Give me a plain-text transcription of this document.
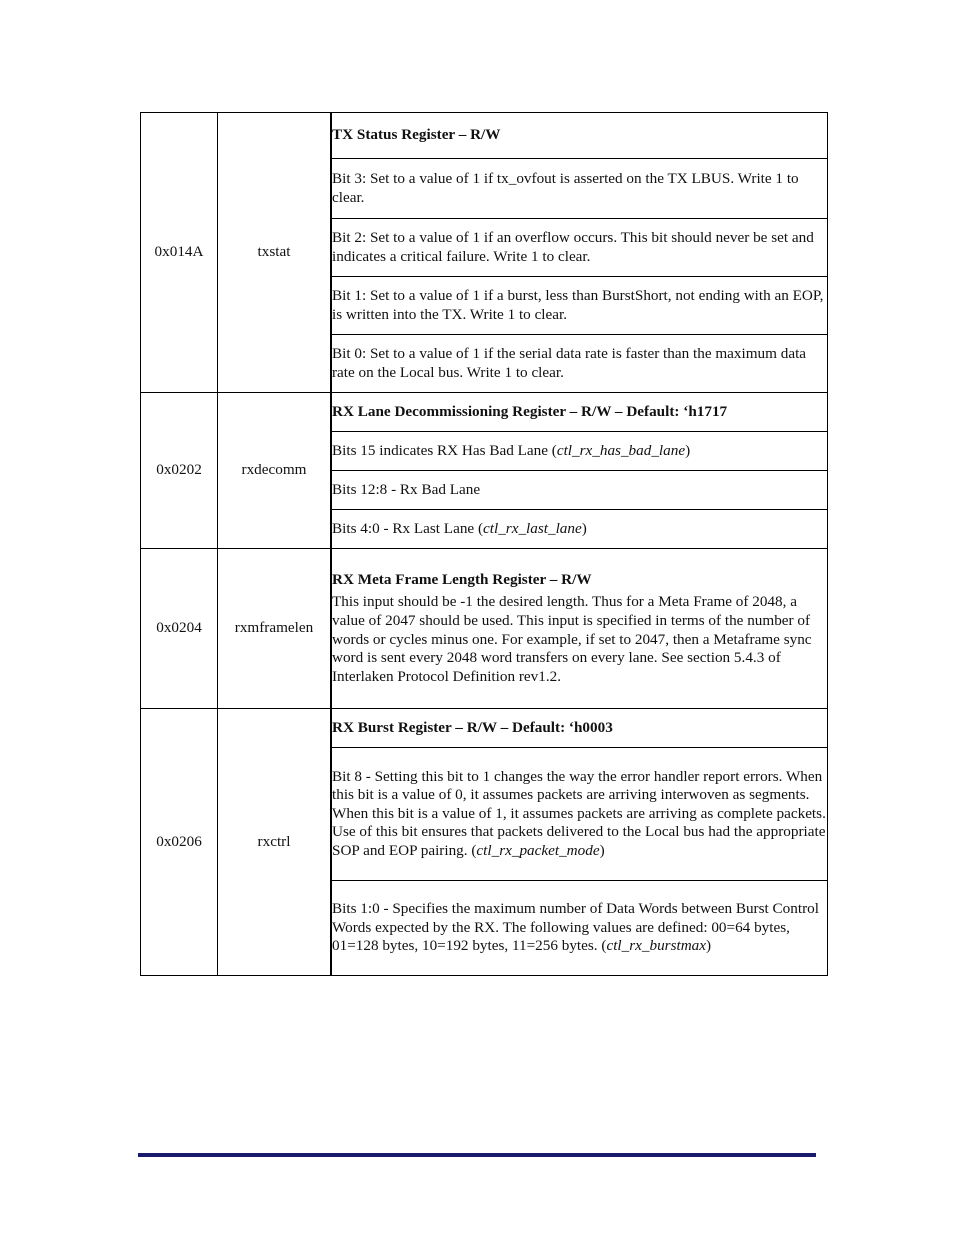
0x014A	txstat	TX Status Register – R/W
		Bit 3: Set to a value of 1 if tx_ovfout is asserted on the TX LBUS. Write 1 to clear.
		Bit 2: Set to a value of 1 if an overflow occurs. This bit should never be set and indicates a critical failure. Write 1 to clear.
		Bit 1: Set to a value of 1 if a burst, less than BurstShort, not ending with an EOP, is written into the TX. Write 1 to clear.
		Bit 0: Set to a value of 1 if the serial data rate is faster than the maximum data rate on the Local bus. Write 1 to clear.
0x0202	rxdecomm	RX Lane Decommissioning Register – R/W – Default: ‘h1717
		Bits 15 indicates RX Has Bad Lane (ctl_rx_has_bad_lane)
		Bits 12:8 - Rx Bad Lane
		Bits 4:0 - Rx Last Lane (ctl_rx_last_lane)
0x0204	rxmframelen	RX Meta Frame Length Register – R/W
This input should be -1 the desired length. Thus for a Meta Frame of 2048, a value of 2047 should be used. This input is specified in terms of the number of words or cycles minus one. For example, if set to 2047, then a Metaframe sync word is sent every 2048 word transfers on every lane. See section 5.4.3 of Interlaken Protocol Definition rev1.2.

0x0206	rxctrl	RX Burst Register – R/W – Default: ‘h0003
		Bit 8 - Setting this bit to 1 changes the way the error handler report errors. When this bit is a value of 0, it assumes packets are arriving interwoven as segments. When this bit is a value of 1, it assumes packets are arriving as complete packets. Use of this bit ensures that packets delivered to the Local bus had the appropriate SOP and EOP pairing. (ctl_rx_packet_mode)
		Bits 1:0 - Specifies the maximum number of Data Words between Burst Control Words expected by the RX. The following values are defined: 00=64 bytes, 01=128 bytes, 10=192 bytes, 11=256 bytes. (ctl_rx_burstmax)
